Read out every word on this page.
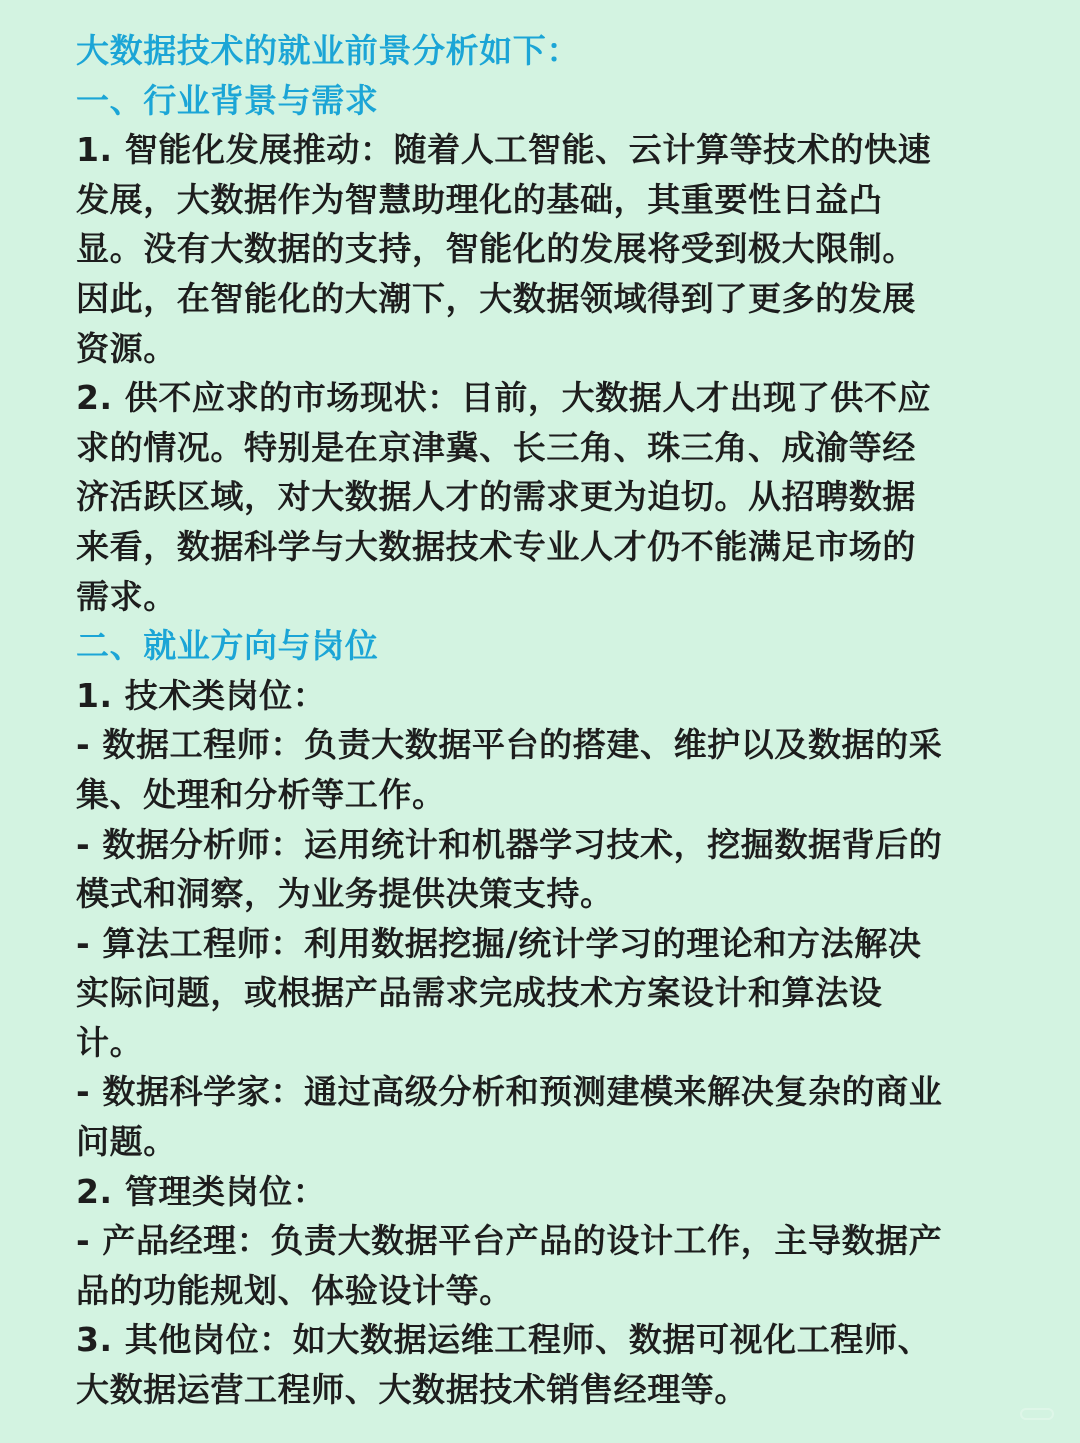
大数据技术的就业前景分析如下：
一、行业背景与需求
1. 智能化发展推动：随着人工智能、云计算等技术的快速
发展，大数据作为智慧助理化的基础，其重要性日益凸
显。没有大数据的支持，智能化的发展将受到极大限制。
因此，在智能化的大潮下，大数据领域得到了更多的发展
资源。
2. 供不应求的市场现状：目前，大数据人才出现了供不应
求的情况。特别是在京津冀、长三角、珠三角、成渝等经
济活跃区域，对大数据人才的需求更为迫切。从招聘数据
来看，数据科学与大数据技术专业人才仍不能满足市场的
需求。
二、就业方向与岗位
1. 技术类岗位：
- 数据工程师：负责大数据平台的搭建、维护以及数据的采
集、处理和分析等工作。
- 数据分析师：运用统计和机器学习技术，挖掘数据背后的
模式和洞察，为业务提供决策支持。
- 算法工程师：利用数据挖掘/统计学习的理论和方法解决
实际问题，或根据产品需求完成技术方案设计和算法设
计。
- 数据科学家：通过高级分析和预测建模来解决复杂的商业
问题。
2. 管理类岗位：
- 产品经理：负责大数据平台产品的设计工作，主导数据产
品的功能规划、体验设计等。
3. 其他岗位：如大数据运维工程师、数据可视化工程师、
大数据运营工程师、大数据技术销售经理等。
